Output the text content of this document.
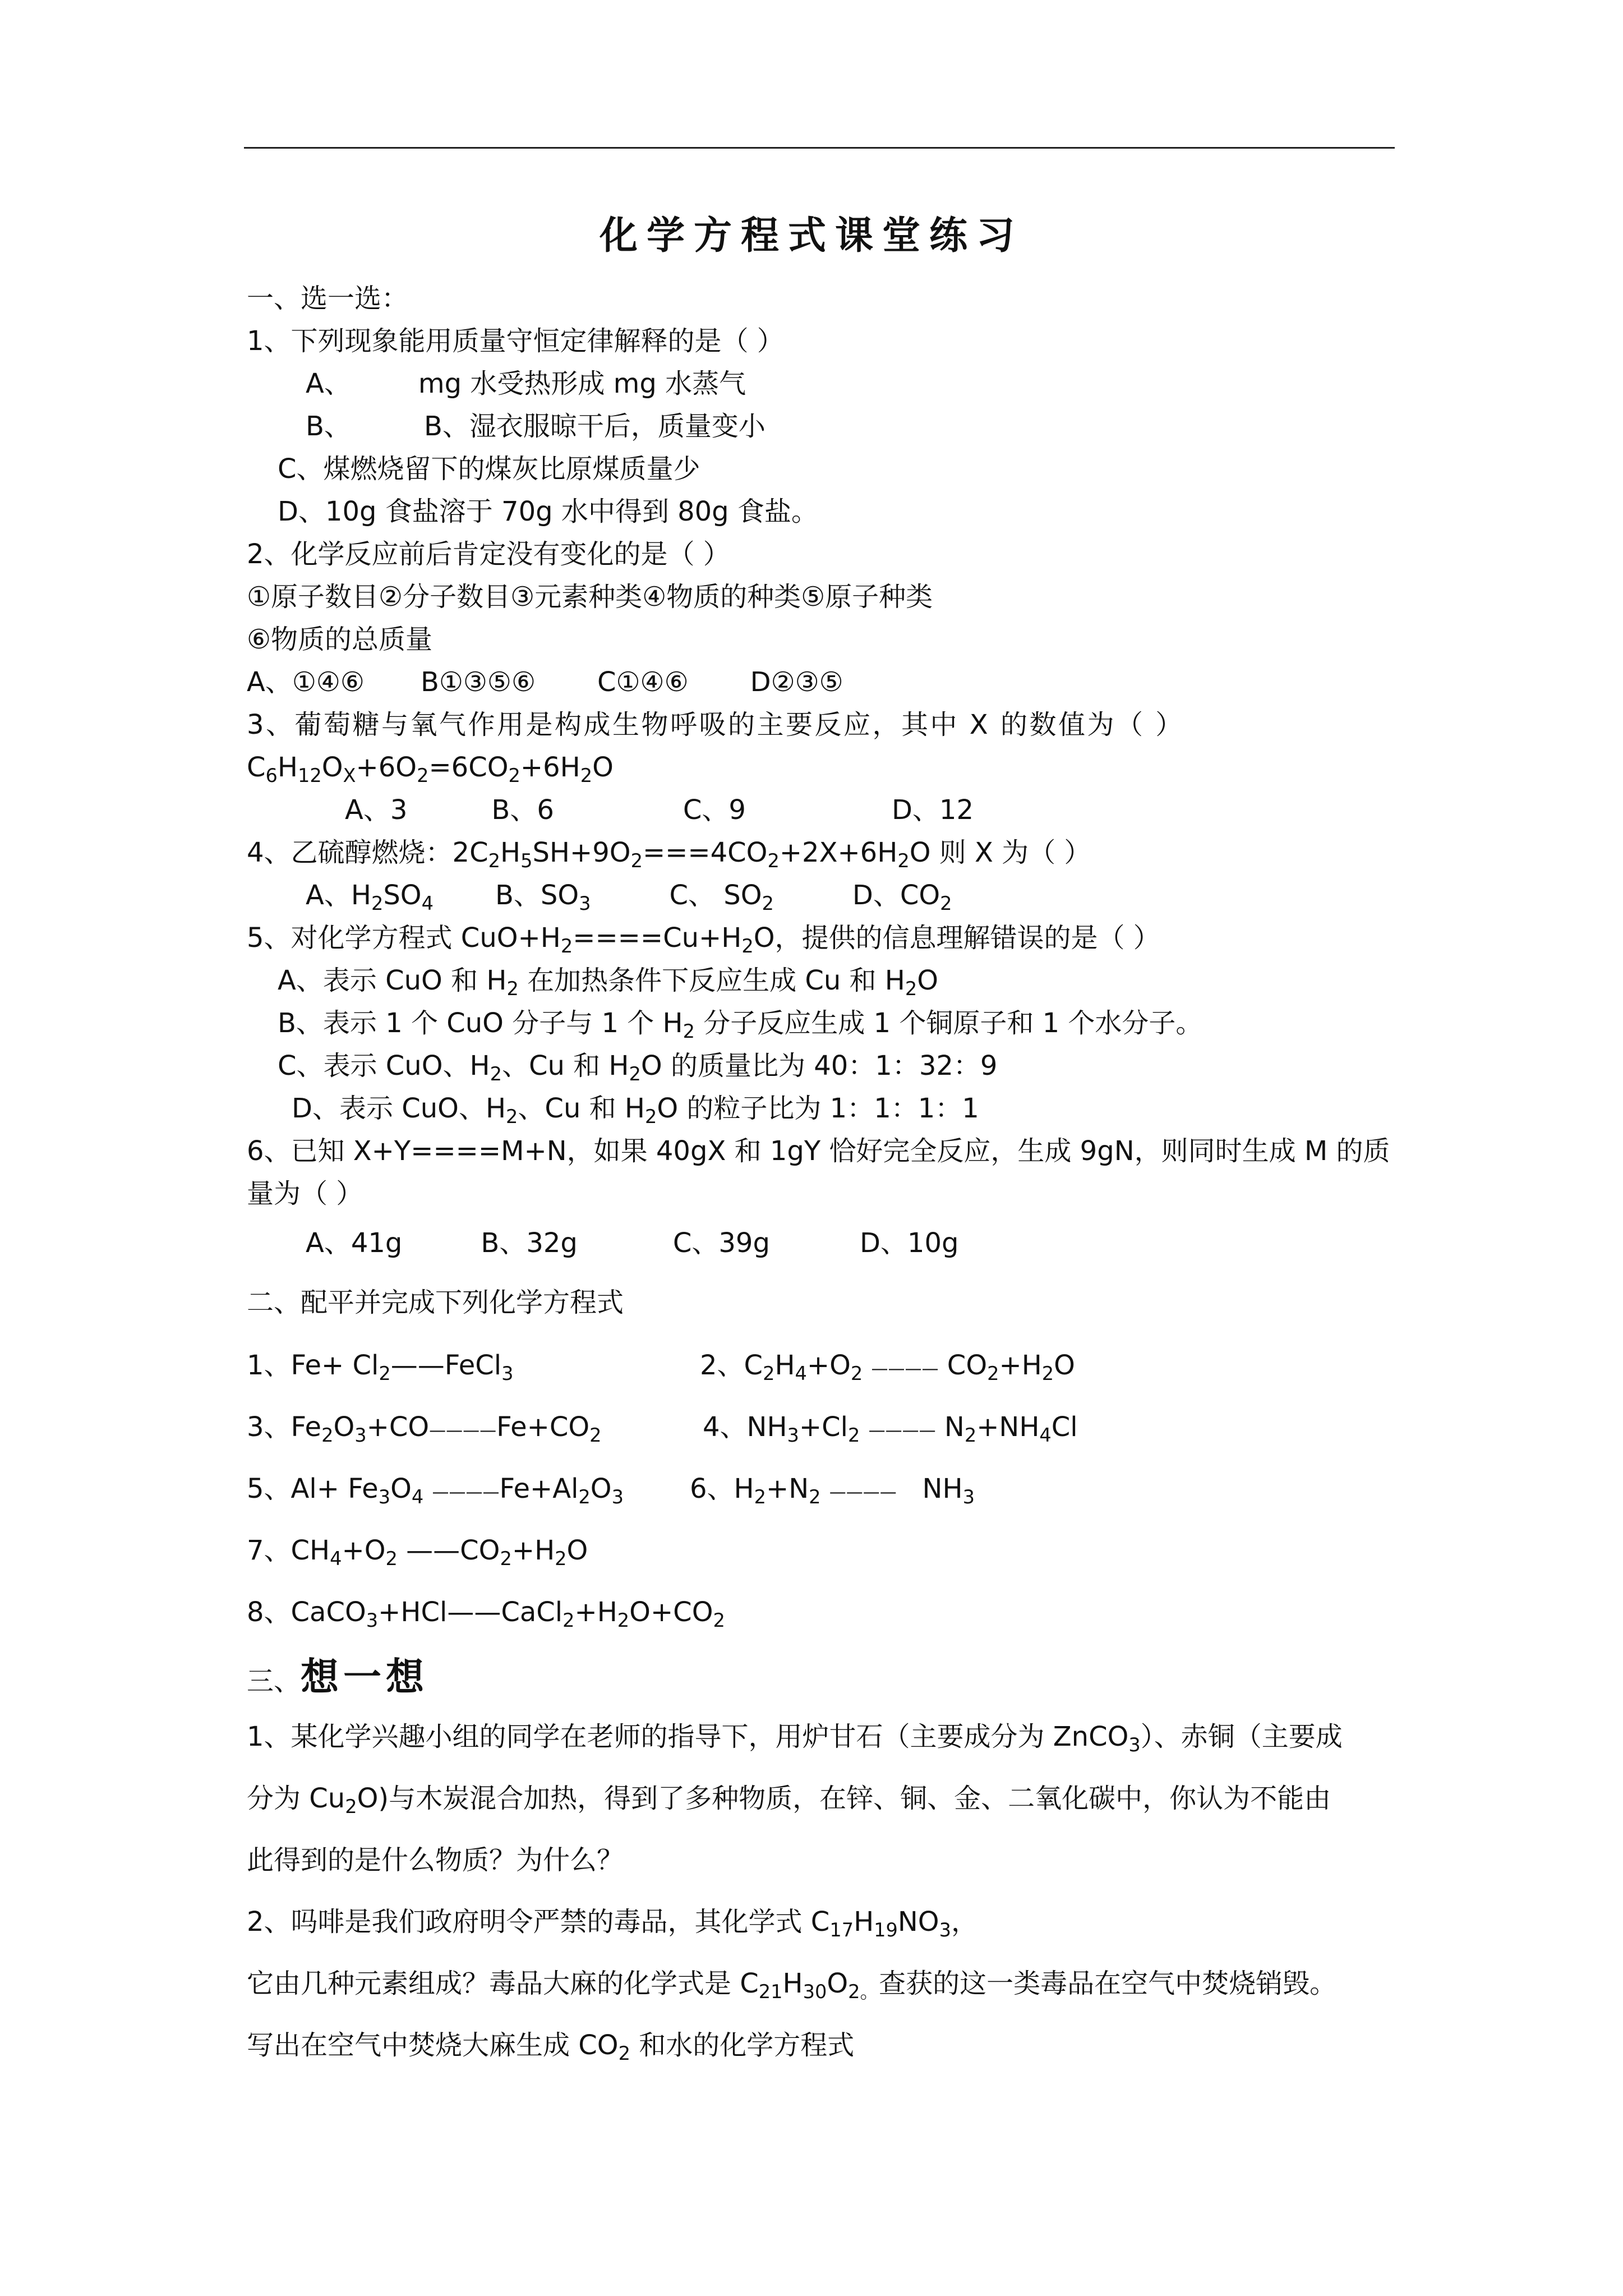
化学方程式课堂练习

一、选一选：

1、下列现象能用质量守恒定律解释的是（ ）

A、	mg 水受热形成 mg 水蒸气

B、	B、湿衣服晾干后，质量变小

C、煤燃烧留下的煤灰比原煤质量少

D、10g 食盐溶于 70g 水中得到 80g 食盐。

2、化学反应前后肯定没有变化的是（ ）

①原子数目②分子数目③元素种类④物质的种类⑤原子种类

⑥物质的总质量

A、①④⑥ B①③⑤⑥ C①④⑥ D②③⑤

3、葡萄糖与氧气作用是构成生物呼吸的主要反应，其中 X 的数值为（ ）

$C_6H_{12}O_X+6O_2=6CO_2+6H_2O$

A、3	B、6	C、9	D、12

4、乙硫醇燃烧：$2C_2H_5SH+9O_2===4CO_2+2X+6H_2O$ 则 X 为（ ）

A、$H_2SO_4$ B、$SO_3$	C、 $SO_2$	D、$CO_2$

5、对化学方程式 $CuO+H_2====Cu+H_2O$，提供的信息理解错误的是（ ）

A、表示 CuO 和 $H_2$ 在加热条件下反应生成 Cu 和 $H_2O$

B、表示 1 个 CuO 分子与 1 个 $H_2$ 分子反应生成 1 个铜原子和 1 个水分子。

C、表示 CuO、$H_2$、Cu 和 $H_2O$ 的质量比为 40：1：32：9

D、表示 CuO、$H_2$、Cu 和 $H_2O$ 的粒子比为 1：1：1：1

6、已知 X+Y====M+N，如果 40gX 和 1gY 恰好完全反应，生成 9gN，则同时生成 M 的质

量为（ ）

A、41g	B、32g	C、39g	D、10g

二、配平并完成下列化学方程式

1、$Fe+ Cl_2——FeCl_3$	2、$C_2H_4+O_2$ ———— $CO_2+H_2O$

3、$Fe_2O_3+CO————Fe+CO_2$	4、$NH_3+Cl_2$ ———— $N_2+NH_4Cl$

5、$Al+ Fe_3O_4$ $————Fe+Al_2O_3$ 6、$H_2+N_2$ ————   $NH_3$

7、$CH_4+O_2$ $——CO_2+H_2O$

8、$CaCO_3+HCl——CaCl_2+H_2O+CO_2$

三、想一想

1、某化学兴趣小组的同学在老师的指导下，用炉甘石（主要成分为 ZnCO$_3$）、赤铜（主要成

分为 $Cu_2O$)与木炭混合加热，得到了多种物质，在锌、铜、金、二氧化碳中，你认为不能由

此得到的是什么物质？为什么？

2、吗啡是我们政府明令严禁的毒品，其化学式 $C_{17}H_{19}NO_3$，

它由几种元素组成？毒品大麻的化学式是 $C_{21}H_{30}O_{2。}$查获的这一类毒品在空气中焚烧销毁。

写出在空气中焚烧大麻生成 $CO_2$ 和水的化学方程式
